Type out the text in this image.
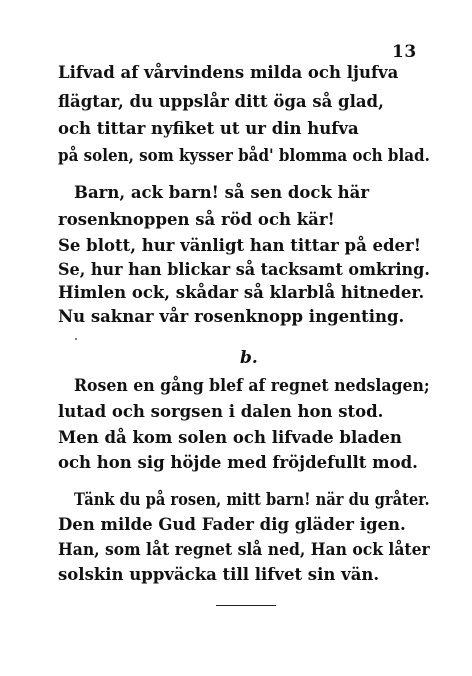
13
Lifvad af vårvindens milda och ljufva
flägtar, du uppslår ditt öga så glad,
och tittar nyfiket ut ur din hufva
på solen, som kysser båd' blomma och blad.
Barn, ack barn! så sen dock här
rosenknoppen så röd och kär!
Se blott, hur vänligt han tittar på eder!
Se, hur han blickar så tacksamt omkring.
Himlen ock, skådar så klarblå hitneder.
Nu saknar vår rosenknopp ingenting.
b.
Rosen en gång blef af regnet nedslagen;
lutad och sorgsen i dalen hon stod.
Men då kom solen och lifvade bladen
och hon sig höjde med fröjdefullt mod.
Tänk du på rosen, mitt barn! när du gråter.
Den milde Gud Fader dig gläder igen.
Han, som låt regnet slå ned, Han ock låter
solskin uppväcka till lifvet sin vän.
